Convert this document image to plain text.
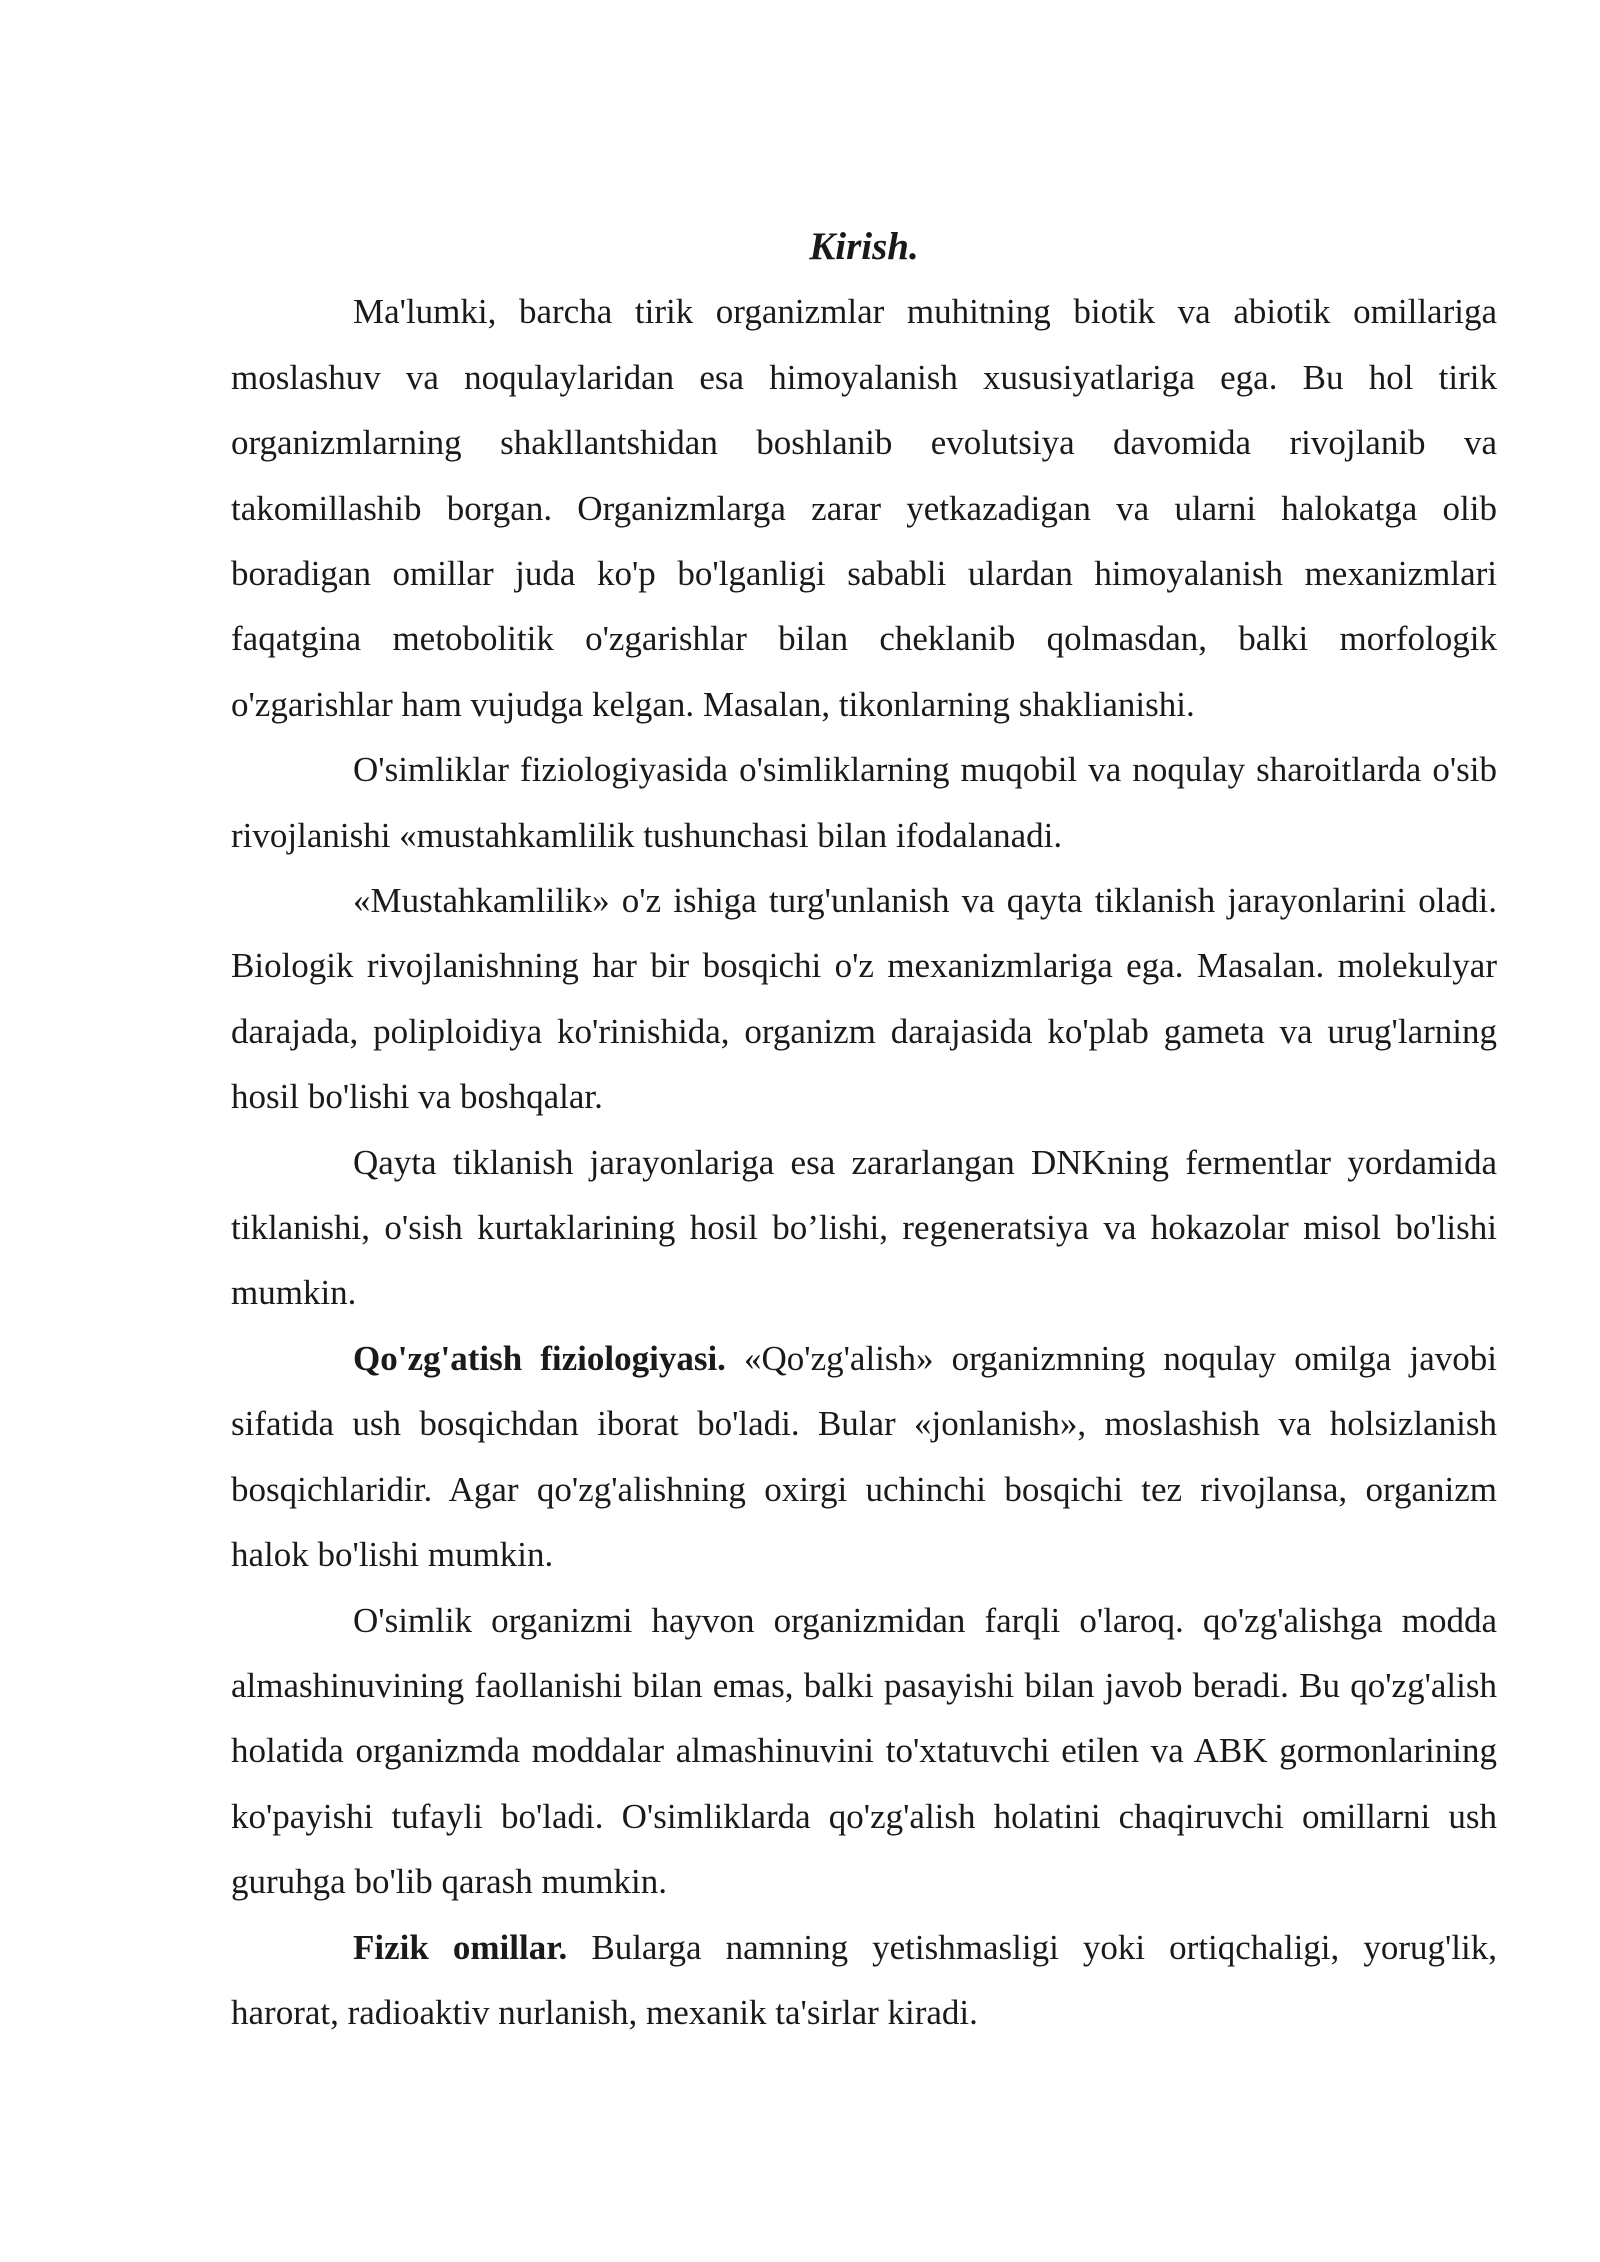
Kirish.

Ma'lumki, barcha tirik organizmlar muhitning biotik va abiotik omillariga moslashuv va noqulaylaridan esa himoyalanish xususiyatlariga ega. Bu hol tirik organizmlarning shakllantshidan boshlanib evolutsiya davomida rivojlanib va takomillashib borgan. Organizmlarga zarar yetkazadigan va ularni halokatga olib boradigan omillar juda ko'p bo'lganligi sababli ulardan himoyalanish mexanizmlari faqatgina metobolitik o'zgarishlar bilan cheklanib qolmasdan, balki morfologik o'zgarishlar ham vujudga kelgan. Masalan, tikonlarning shaklianishi.

O'simliklar fiziologiyasida o'simliklarning muqobil va noqulay sharoitlarda o'sib rivojlanishi «mustahkamlilik tushunchasi bilan ifodalanadi.

«Mustahkamlilik» o'z ishiga turg'unlanish va qayta tiklanish jarayonlarini oladi. Biologik rivojlanishning har bir bosqichi o'z mexanizmlariga ega. Masalan. molekulyar darajada, poliploidiya ko'rinishida, organizm darajasida ko'plab gameta va urug'larning hosil bo'lishi va boshqalar.

Qayta tiklanish jarayonlariga esa zararlangan DNKning fermentlar yordamida tiklanishi, o'sish kurtaklarining hosil bo’lishi, regeneratsiya va hokazolar misol bo'lishi mumkin.

Qo'zg'atish fiziologiyasi. «Qo'zg'alish» organizmning noqulay omilga javobi sifatida ush bosqichdan iborat bo'ladi. Bular «jonlanish», moslashish va holsizlanish bosqichlaridir. Agar qo'zg'alishning oxirgi uchinchi bosqichi tez rivojlansa, organizm halok bo'lishi mumkin.

O'simlik organizmi hayvon organizmidan farqli o'laroq. qo'zg'alishga modda almashinuvining faollanishi bilan emas, balki pasayishi bilan javob beradi. Bu qo'zg'alish holatida organizmda moddalar almashinuvini to'xtatuvchi etilen va ABK gormonlarining ko'payishi tufayli bo'ladi. O'simliklarda qo'zg'alish holatini chaqiruvchi omillarni ush guruhga bo'lib qarash mumkin.

Fizik omillar. Bularga namning yetishmasligi yoki ortiqchaligi, yorug'lik, harorat, radioaktiv nurlanish, mexanik ta'sirlar kiradi.
